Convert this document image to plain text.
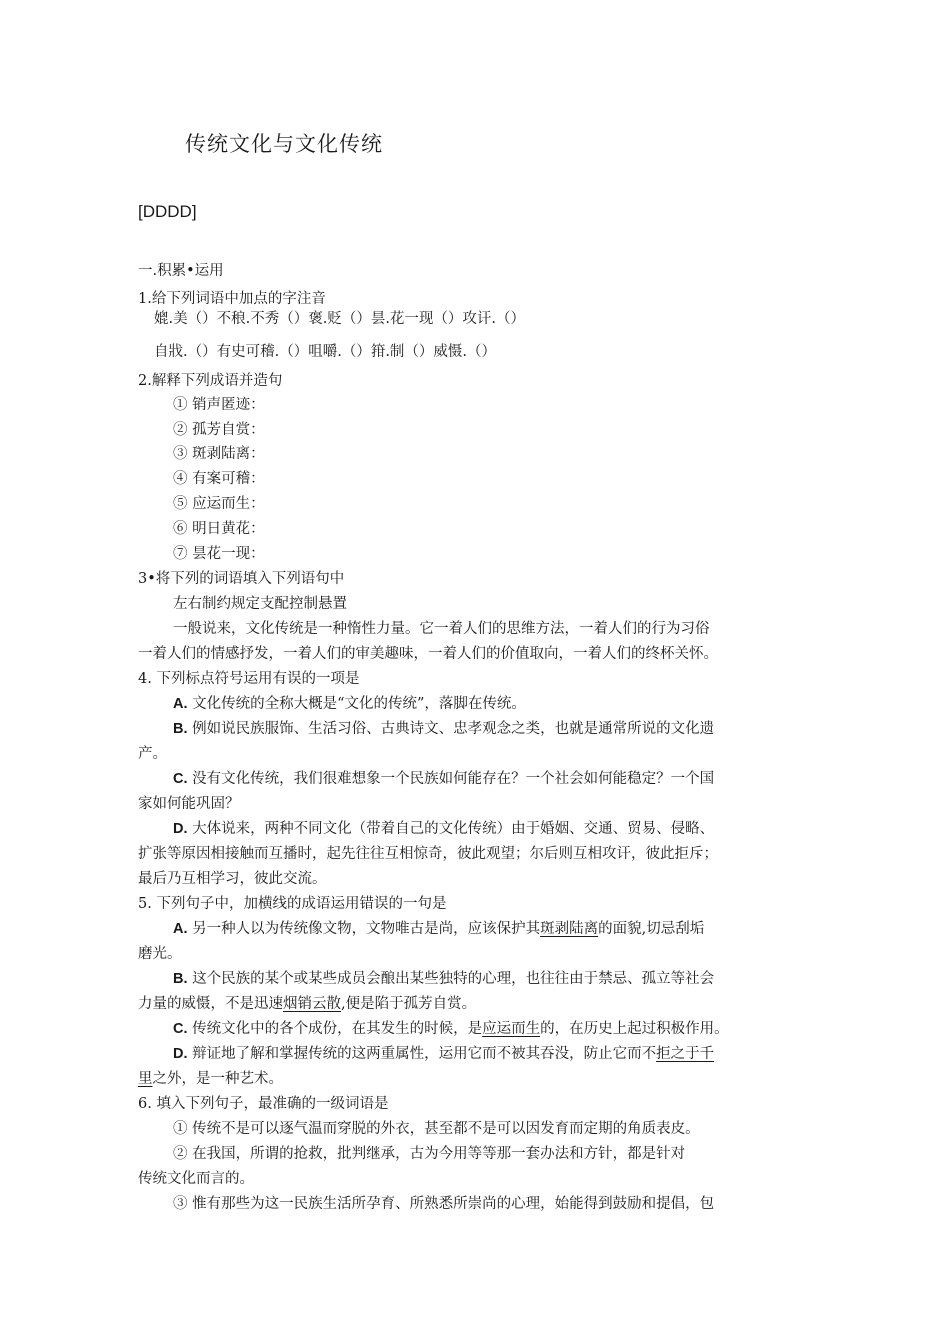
传统文化与文化传统
[DDDD]
一.积累•运用
1.给下列词语中加点的字注音
媲.美（）不稂.不秀（）褒.贬（）昙.花一现（）攻讦.（）
自戕.（）有史可稽.（）咀嚼.（）箝.制（）威慑.（）
2.解释下列成语并造句
① 销声匿迹：
② 孤芳自赏：
③ 斑剥陆离：
④ 有案可稽：
⑤ 应运而生：
⑥ 明日黄花：
⑦ 昙花一现：
3•将下列的词语填入下列语句中
左右制约规定支配控制悬置
一般说来，文化传统是一种惰性力量。它一着人们的思维方法，一着人们的行为习俗
一着人们的情感抒发，一着人们的审美趣味，一着人们的价值取向，一着人们的终杯关怀。
4. 下列标点符号运用有误的一项是
A. 文化传统的全称大概是“文化的传统”，落脚在传统。
B. 例如说民族服饰、生活习俗、古典诗文、忠孝观念之类，也就是通常所说的文化遗
产。
C. 没有文化传统，我们很难想象一个民族如何能存在？一个社会如何能稳定？一个国
家如何能巩固？
D. 大体说来，两种不同文化（带着自己的文化传统）由于婚姻、交通、贸易、侵略、
扩张等原因相接触而互播时，起先往往互相惊奇，彼此观望；尔后则互相攻讦，彼此拒斥；
最后乃互相学习，彼此交流。
5. 下列句子中，加横线的成语运用错误的一句是
A. 另一种人以为传统像文物，文物唯古是尚，应该保护其斑剥陆离的面貌,切忌刮垢
磨光。
B. 这个民族的某个或某些成员会酿出某些独特的心理，也往往由于禁忌、孤立等社会
力量的威慑，不是迅速烟销云散,便是陷于孤芳自赏。
C. 传统文化中的各个成份，在其发生的时候，是应运而生的，在历史上起过积极作用。
D. 辩证地了解和掌握传统的这两重属性，运用它而不被其吞没，防止它而不拒之于千
里之外，是一种艺术。
6. 填入下列句子，最准确的一级词语是
① 传统不是可以逐气温而穿脱的外衣，甚至都不是可以因发育而定期的角质表皮。
② 在我国，所谓的抢救，批判继承，古为今用等等那一套办法和方针，都是针对
传统文化而言的。
③ 惟有那些为这一民族生活所孕育、所熟悉所崇尚的心理，始能得到鼓励和提倡，包
